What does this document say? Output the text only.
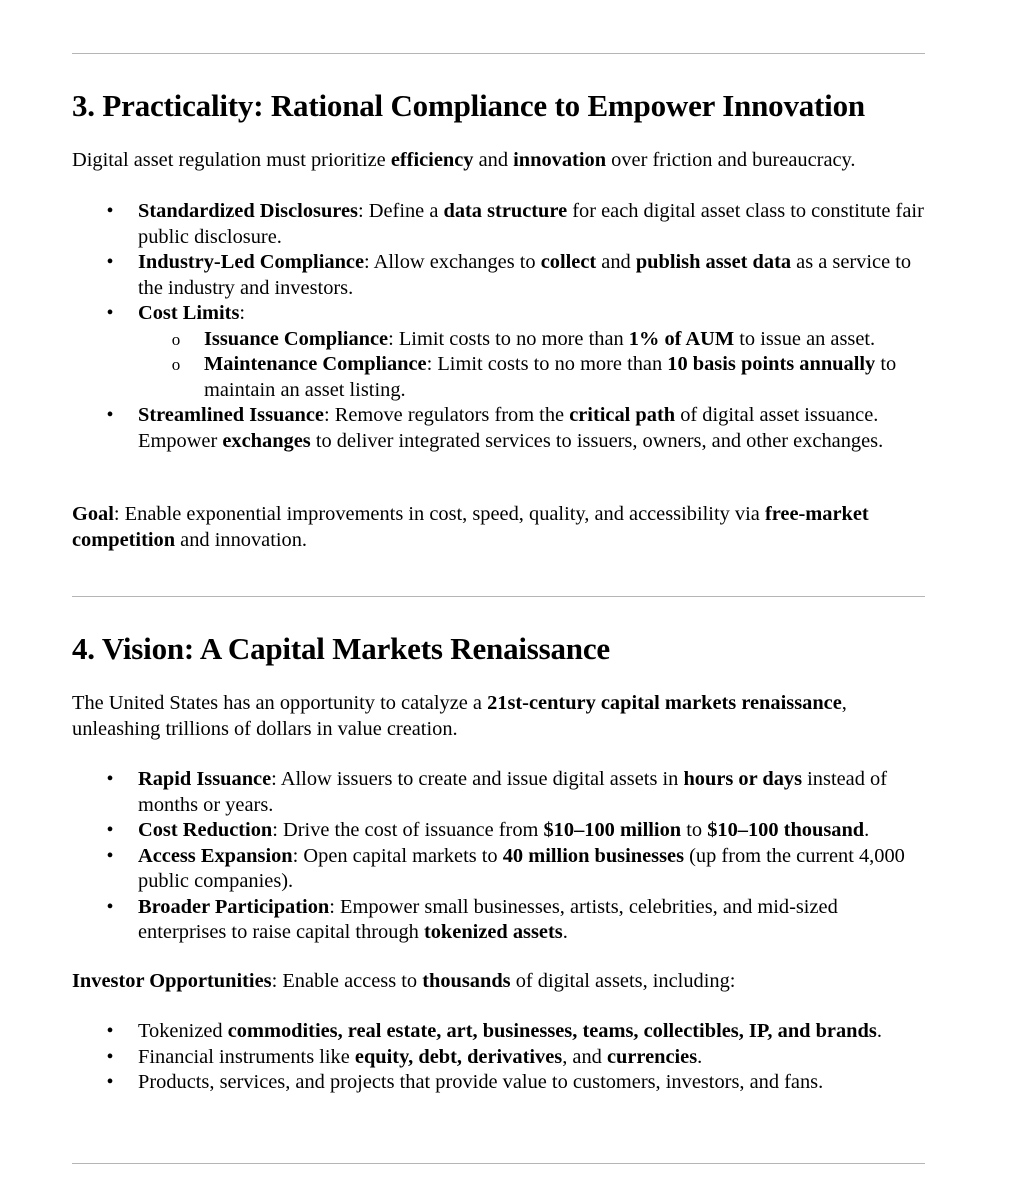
3. Practicality: Rational Compliance to Empower Innovation

Digital asset regulation must prioritize efficiency and innovation over friction and bureaucracy.

•	Standardized Disclosures: Define a data structure for each digital asset class to constitute fair public disclosure.
•	Industry-Led Compliance: Allow exchanges to collect and publish asset data as a service to the industry and investors.
•	Cost Limits:
o Issuance Compliance: Limit costs to no more than 1% of AUM to issue an asset.
o Maintenance Compliance: Limit costs to no more than 10 basis points annually to maintain an asset listing.
•	Streamlined Issuance: Remove regulators from the critical path of digital asset issuance. Empower exchanges to deliver integrated services to issuers, owners, and other exchanges.

Goal: Enable exponential improvements in cost, speed, quality, and accessibility via free-market competition and innovation.

4. Vision: A Capital Markets Renaissance

The United States has an opportunity to catalyze a 21st-century capital markets renaissance, unleashing trillions of dollars in value creation.

•	Rapid Issuance: Allow issuers to create and issue digital assets in hours or days instead of months or years.
•	Cost Reduction: Drive the cost of issuance from $10–100 million to $10–100 thousand.
•	Access Expansion: Open capital markets to 40 million businesses (up from the current 4,000 public companies).
•	Broader Participation: Empower small businesses, artists, celebrities, and mid-sized enterprises to raise capital through tokenized assets.

Investor Opportunities: Enable access to thousands of digital assets, including:

•	Tokenized commodities, real estate, art, businesses, teams, collectibles, IP, and brands.
•	Financial instruments like equity, debt, derivatives, and currencies.
•	Products, services, and projects that provide value to customers, investors, and fans.
